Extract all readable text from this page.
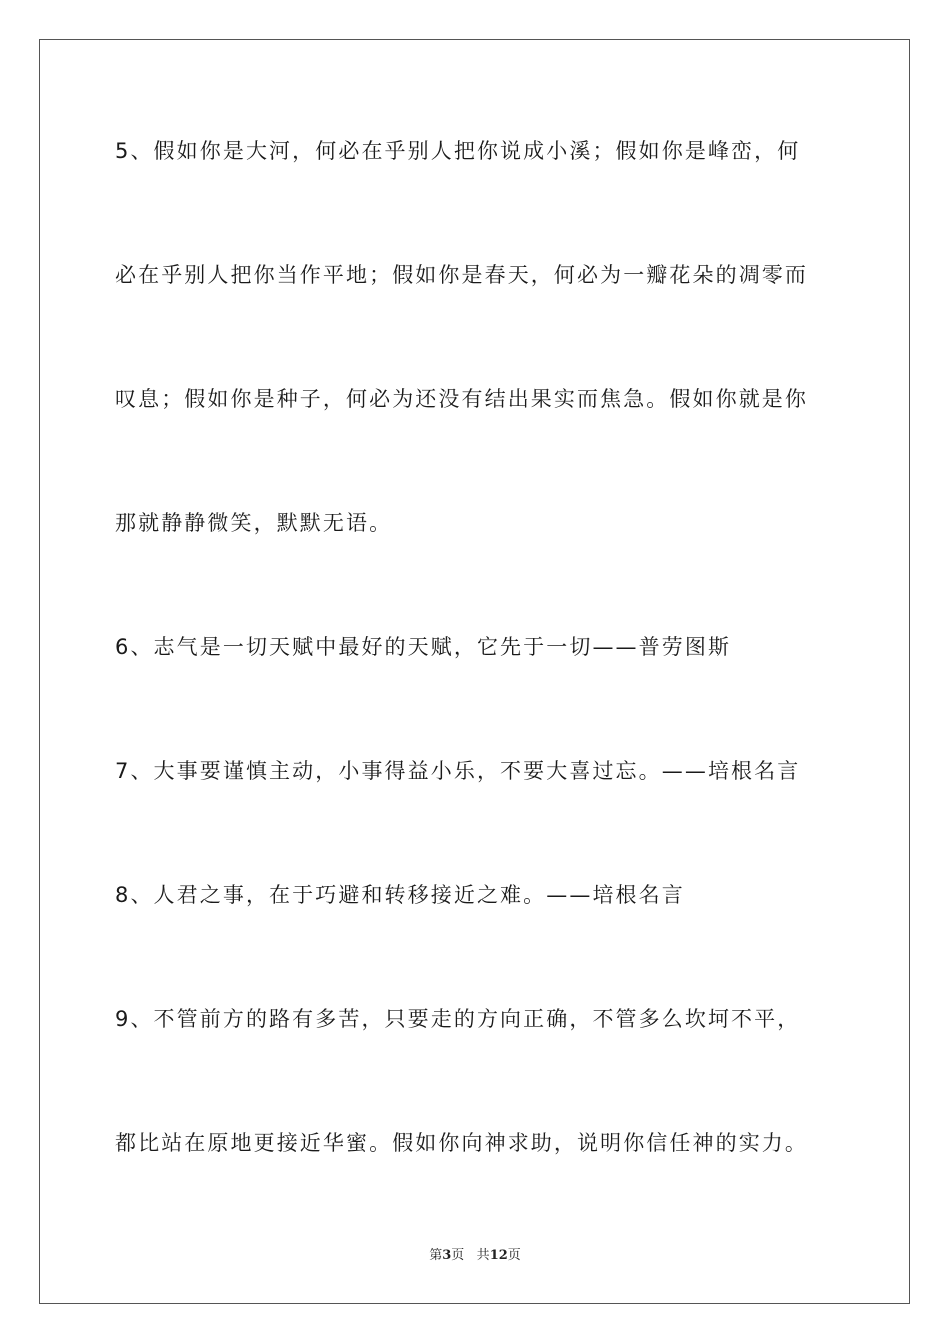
5、假如你是大河，何必在乎别人把你说成小溪；假如你是峰峦，何
必在乎别人把你当作平地；假如你是春天，何必为一瓣花朵的凋零而
叹息；假如你是种子，何必为还没有结出果实而焦急。假如你就是你
那就静静微笑，默默无语。
6、志气是一切天赋中最好的天赋，它先于一切——普劳图斯
7、大事要谨慎主动，小事得益小乐，不要大喜过忘。——培根名言
8、人君之事，在于巧避和转移接近之难。——培根名言
9、不管前方的路有多苦，只要走的方向正确，不管多么坎坷不平，
都比站在原地更接近华蜜。假如你向神求助，说明你信任神的实力。
第3页 共12页
